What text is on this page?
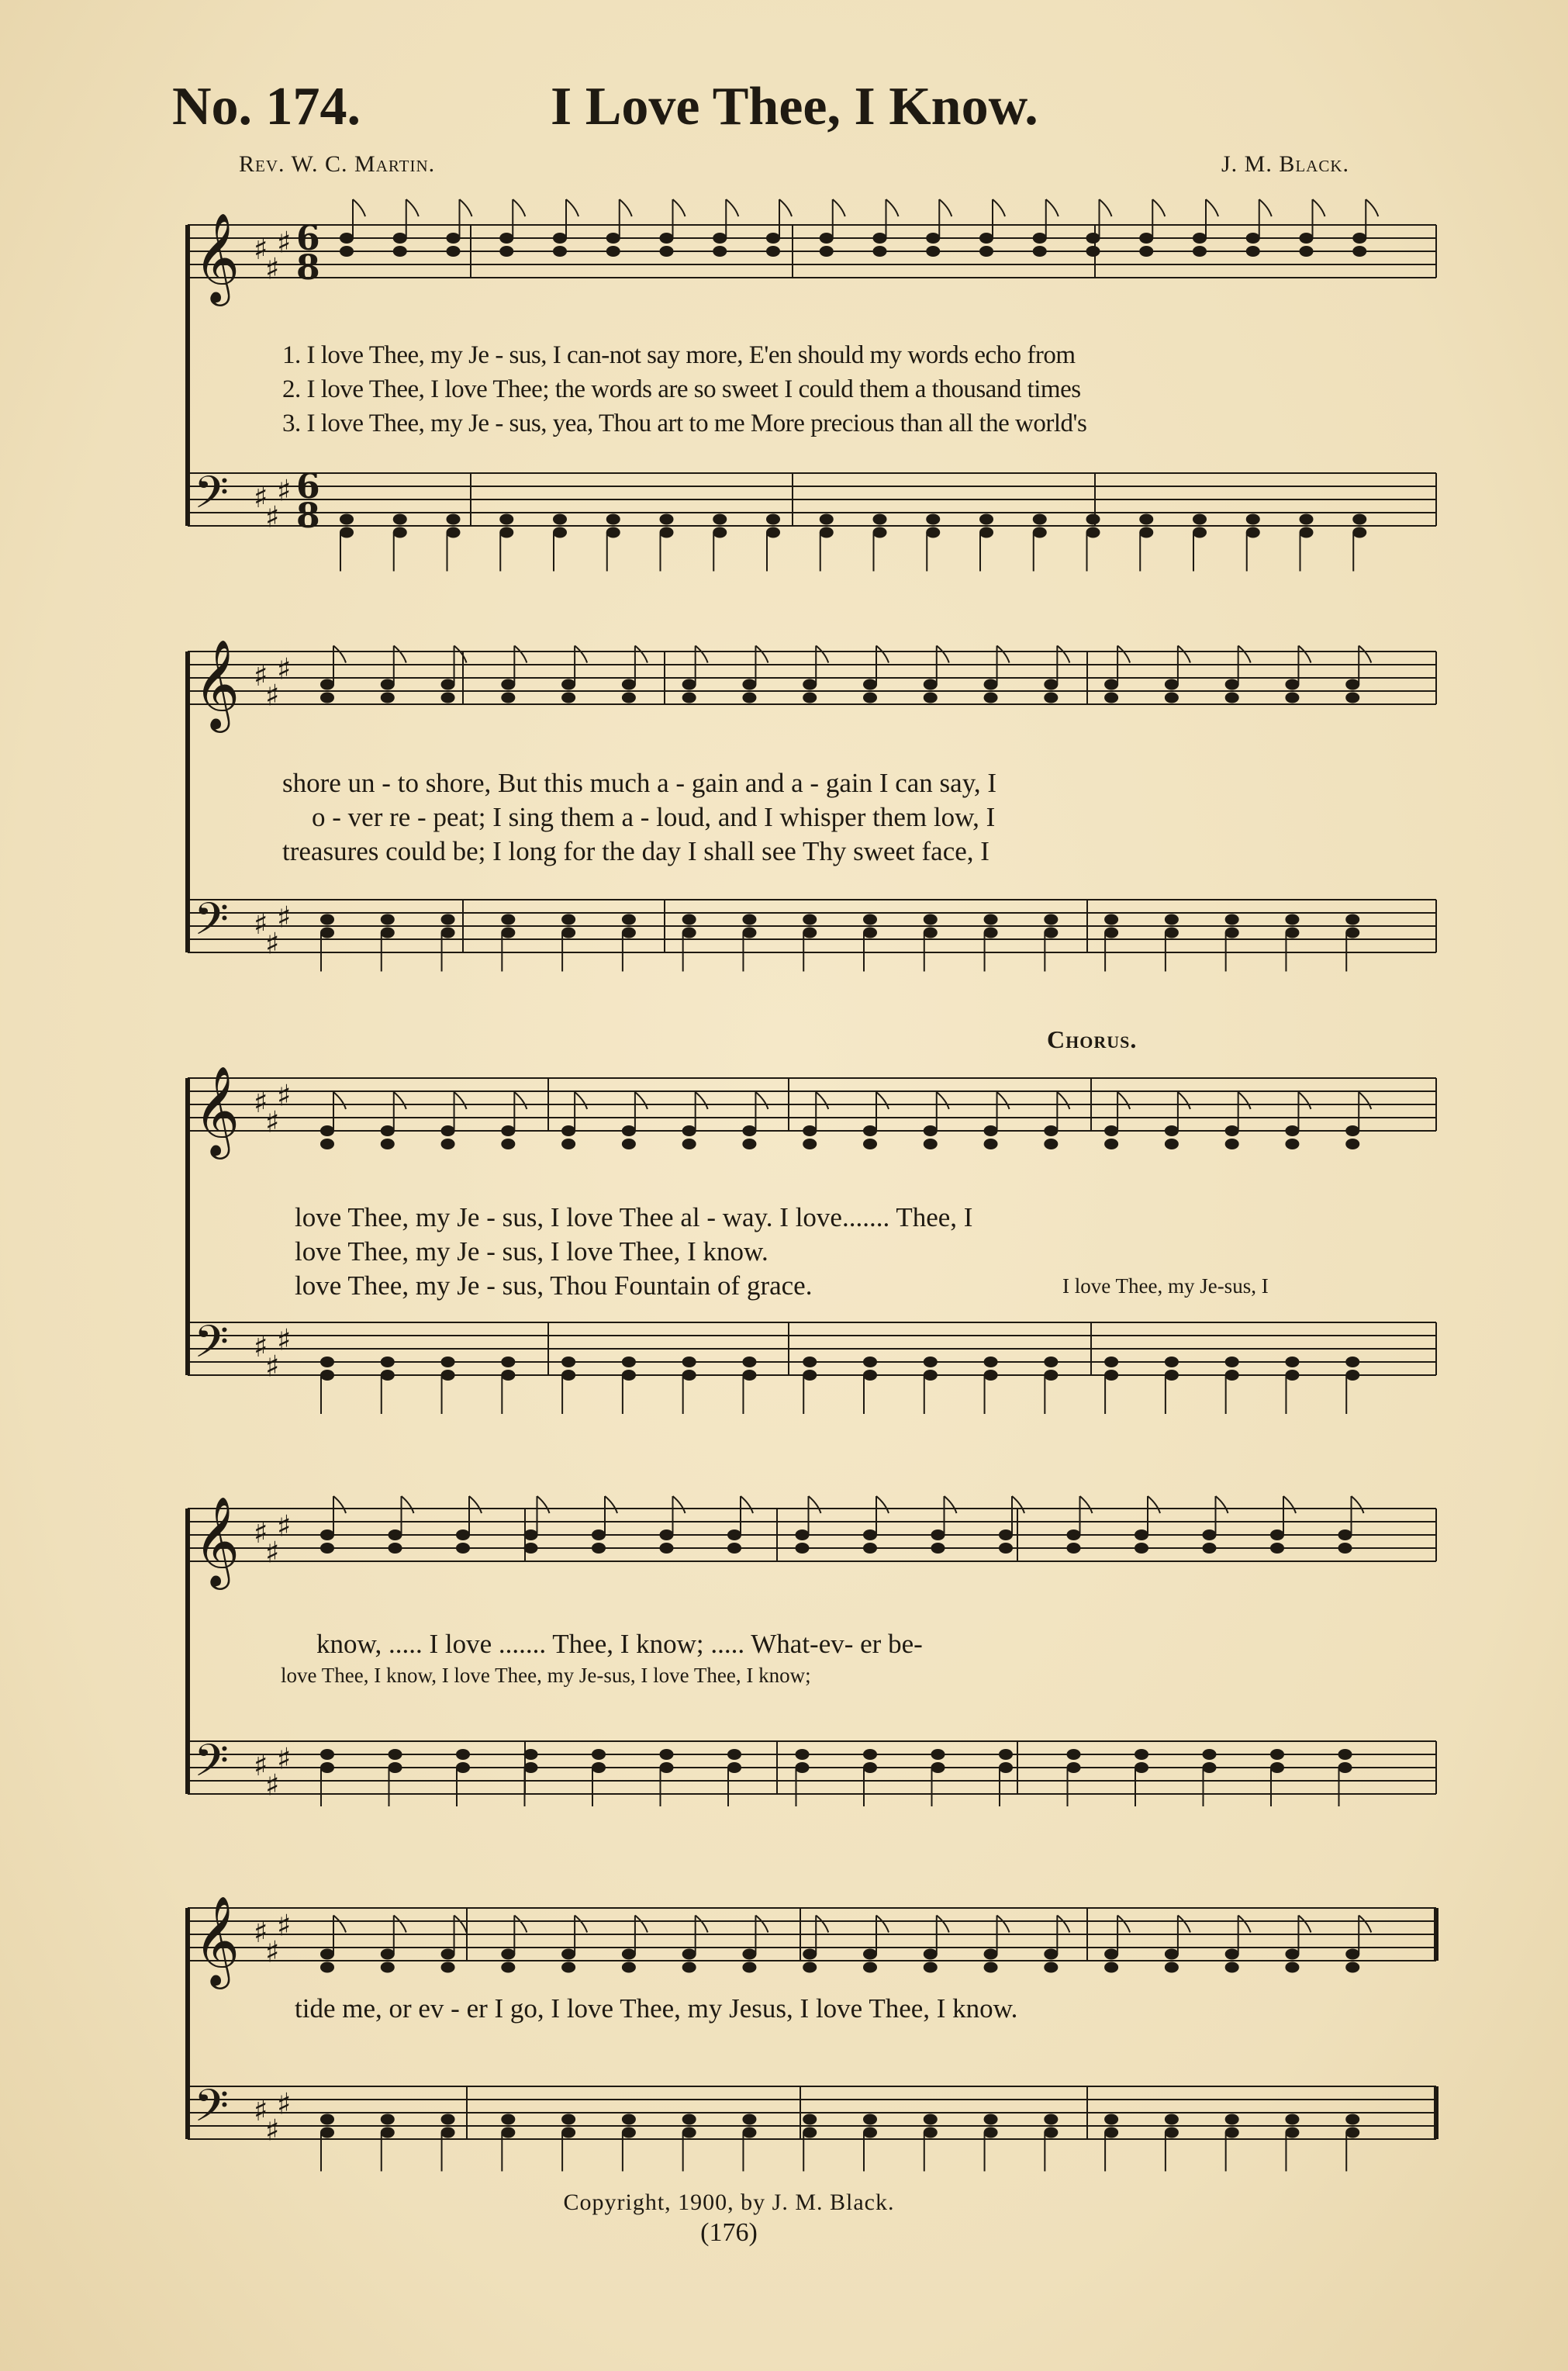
No. 174.	I Love Thee, I Know.
Rev. W. C. Martin.	J. M. Black.
𝄞 ♯
♯
♯ 6
8
𝄢 ♯
♯
♯ 6
8
1. I love Thee, my Je - sus, I can-not say more, E'en should my words echo from
2. I love Thee, I love Thee; the words are so sweet I could them a thousand times
3. I love Thee, my Je - sus, yea, Thou art to me More precious than all the world's
𝄞 ♯
♯
♯
𝄢 ♯
♯
♯
shore un - to shore, But this much a - gain and a - gain I can say, I
o - ver re - peat; I sing them a - loud, and I whisper them low, I
treasures could be; I long for the day I shall see Thy sweet face, I
Chorus.
𝄞 ♯
♯
♯
𝄢 ♯
♯
♯
love Thee, my Je - sus, I love Thee al - way. I love....... Thee, I
love Thee, my Je - sus, I love Thee, I know.
love Thee, my Je - sus, Thou Fountain of grace.	I love Thee, my Je-sus, I
𝄞 ♯
♯
♯
𝄢 ♯
♯
♯
know, ..... I love ....... Thee, I know; ..... What-ev- er be-
love Thee, I know, I love Thee, my Je-sus, I love Thee, I know;
𝄞 ♯
♯
♯
𝄢 ♯
♯
♯
tide me, or ev - er I go, I love Thee, my Jesus, I love Thee, I know.
Copyright, 1900, by J. M. Black.
(176)
